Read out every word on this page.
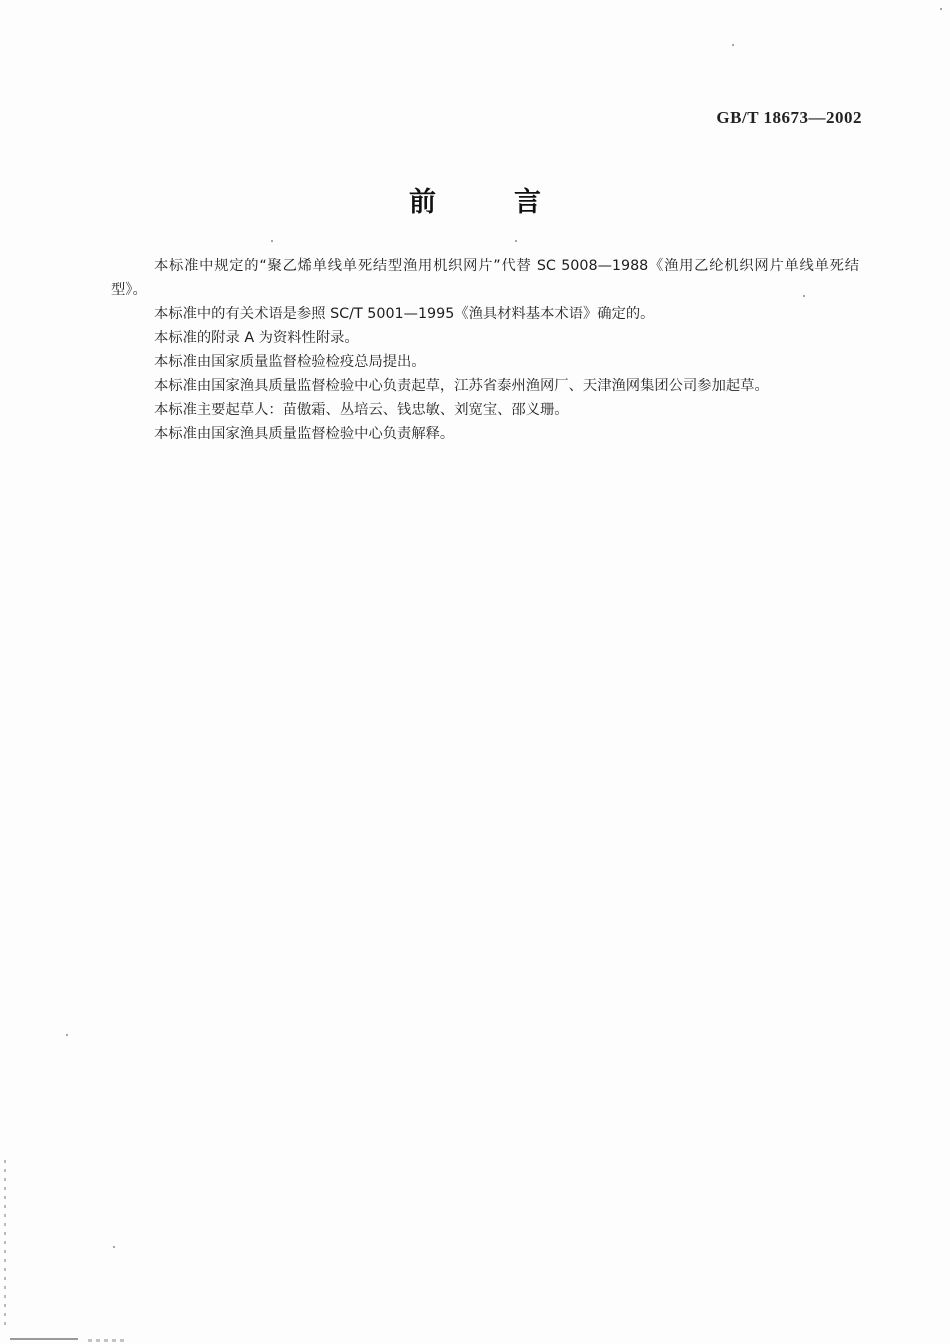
GB/T 18673—2002
前言

本标准中规定的“聚乙烯单线单死结型渔用机织网片”代替 SC 5008—1988《渔用乙纶机织网片单线单死结型》。

本标准中的有关术语是参照 SC/T 5001—1995《渔具材料基本术语》确定的。

本标准的附录 A 为资料性附录。

本标准由国家质量监督检验检疫总局提出。

本标准由国家渔具质量监督检验中心负责起草，江苏省泰州渔网厂、天津渔网集团公司参加起草。

本标准主要起草人：苗傲霜、丛培云、钱忠敏、刘宽宝、邵义珊。

本标准由国家渔具质量监督检验中心负责解释。
